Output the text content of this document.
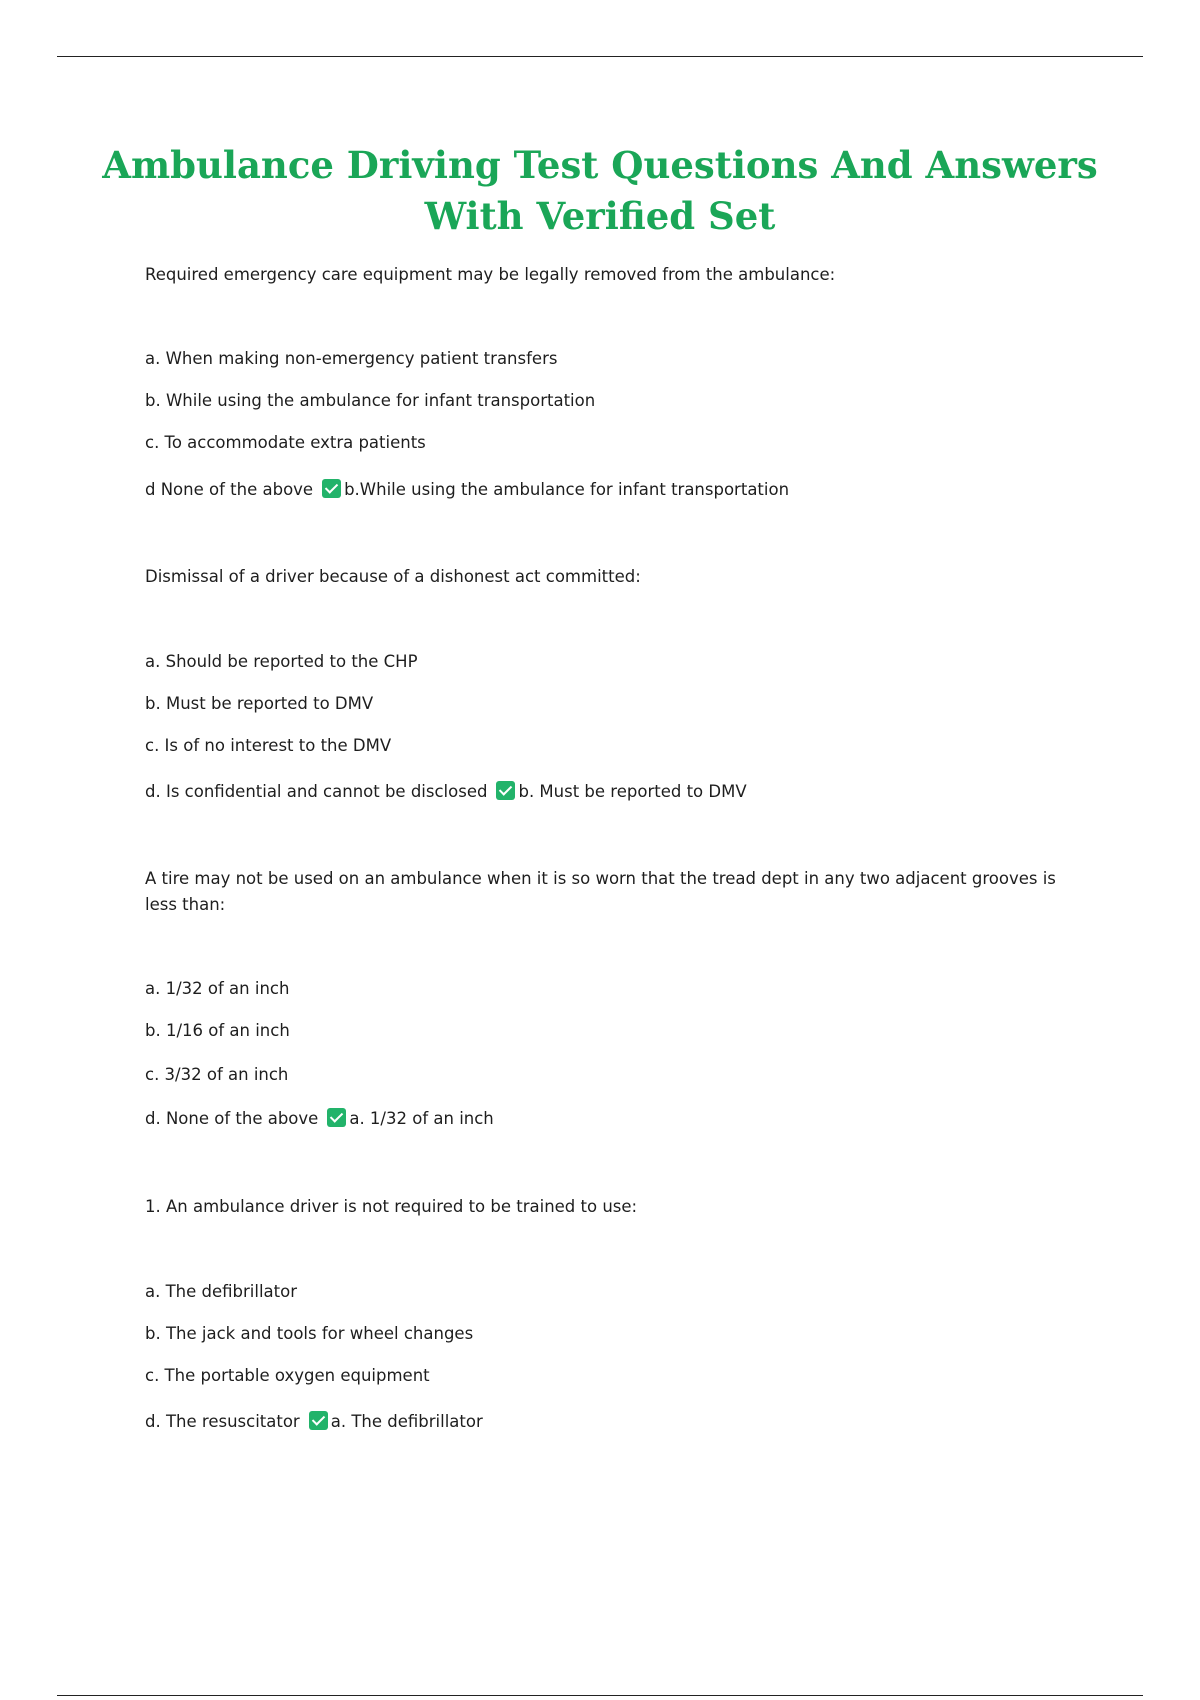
Ambulance Driving Test Questions And Answers With Verified Set
Required emergency care equipment may be legally removed from the ambulance:
a. When making non-emergency patient transfers
b. While using the ambulance for infant transportation
c. To accommodate extra patients
d None of the above b.While using the ambulance for infant transportation
Dismissal of a driver because of a dishonest act committed:
a. Should be reported to the CHP
b. Must be reported to DMV
c. Is of no interest to the DMV
d. Is confidential and cannot be disclosed b. Must be reported to DMV
A tire may not be used on an ambulance when it is so worn that the tread dept in any two adjacent grooves is less than:
a. 1/32 of an inch
b. 1/16 of an inch
c. 3/32 of an inch
d. None of the above a. 1/32 of an inch
1. An ambulance driver is not required to be trained to use:
a. The defibrillator
b. The jack and tools for wheel changes
c. The portable oxygen equipment
d. The resuscitator a. The defibrillator
